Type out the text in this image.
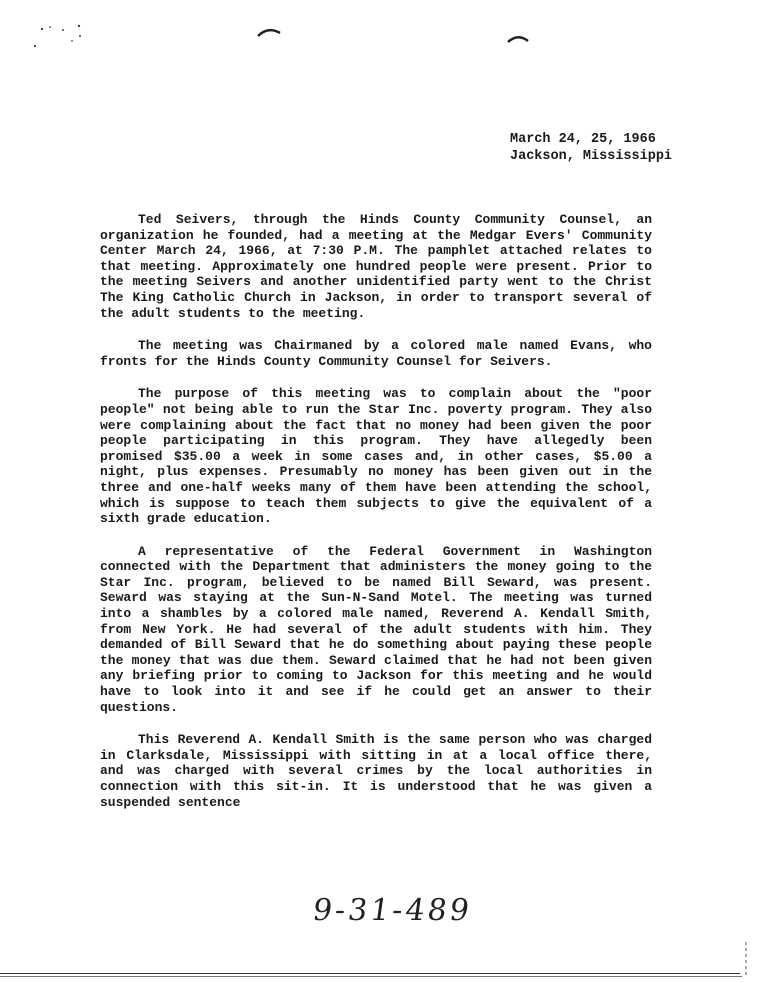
March 24, 25, 1966
Jackson, Mississippi

Ted Seivers, through the Hinds County Community Counsel, an organization he founded, had a meeting at the Medgar Evers' Community Center March 24, 1966, at 7:30 P.M. The pamphlet attached relates to that meeting. Approximately one hundred people were present. Prior to the meeting Seivers and another unidentified party went to the Christ The King Catholic Church in Jackson, in order to transport several of the adult students to the meeting.

The meeting was Chairmaned by a colored male named Evans, who fronts for the Hinds County Community Counsel for Seivers.

The purpose of this meeting was to complain about the "poor people" not being able to run the Star Inc. poverty program. They also were complaining about the fact that no money had been given the poor people participating in this program. They have allegedly been promised $35.00 a week in some cases and, in other cases, $5.00 a night, plus expenses. Presumably no money has been given out in the three and one-half weeks many of them have been attending the school, which is suppose to teach them subjects to give the equivalent of a sixth grade education.

A representative of the Federal Government in Washington connected with the Department that administers the money going to the Star Inc. program, believed to be named Bill Seward, was present. Seward was staying at the Sun-N-Sand Motel. The meeting was turned into a shambles by a colored male named, Reverend A. Kendall Smith, from New York. He had several of the adult students with him. They demanded of Bill Seward that he do something about paying these people the money that was due them. Seward claimed that he had not been given any briefing prior to coming to Jackson for this meeting and he would have to look into it and see if he could get an answer to their questions.

This Reverend A. Kendall Smith is the same person who was charged in Clarksdale, Mississippi with sitting in at a local office there, and was charged with several crimes by the local authorities in connection with this sit-in. It is understood that he was given a suspended sentence

9-31-489
